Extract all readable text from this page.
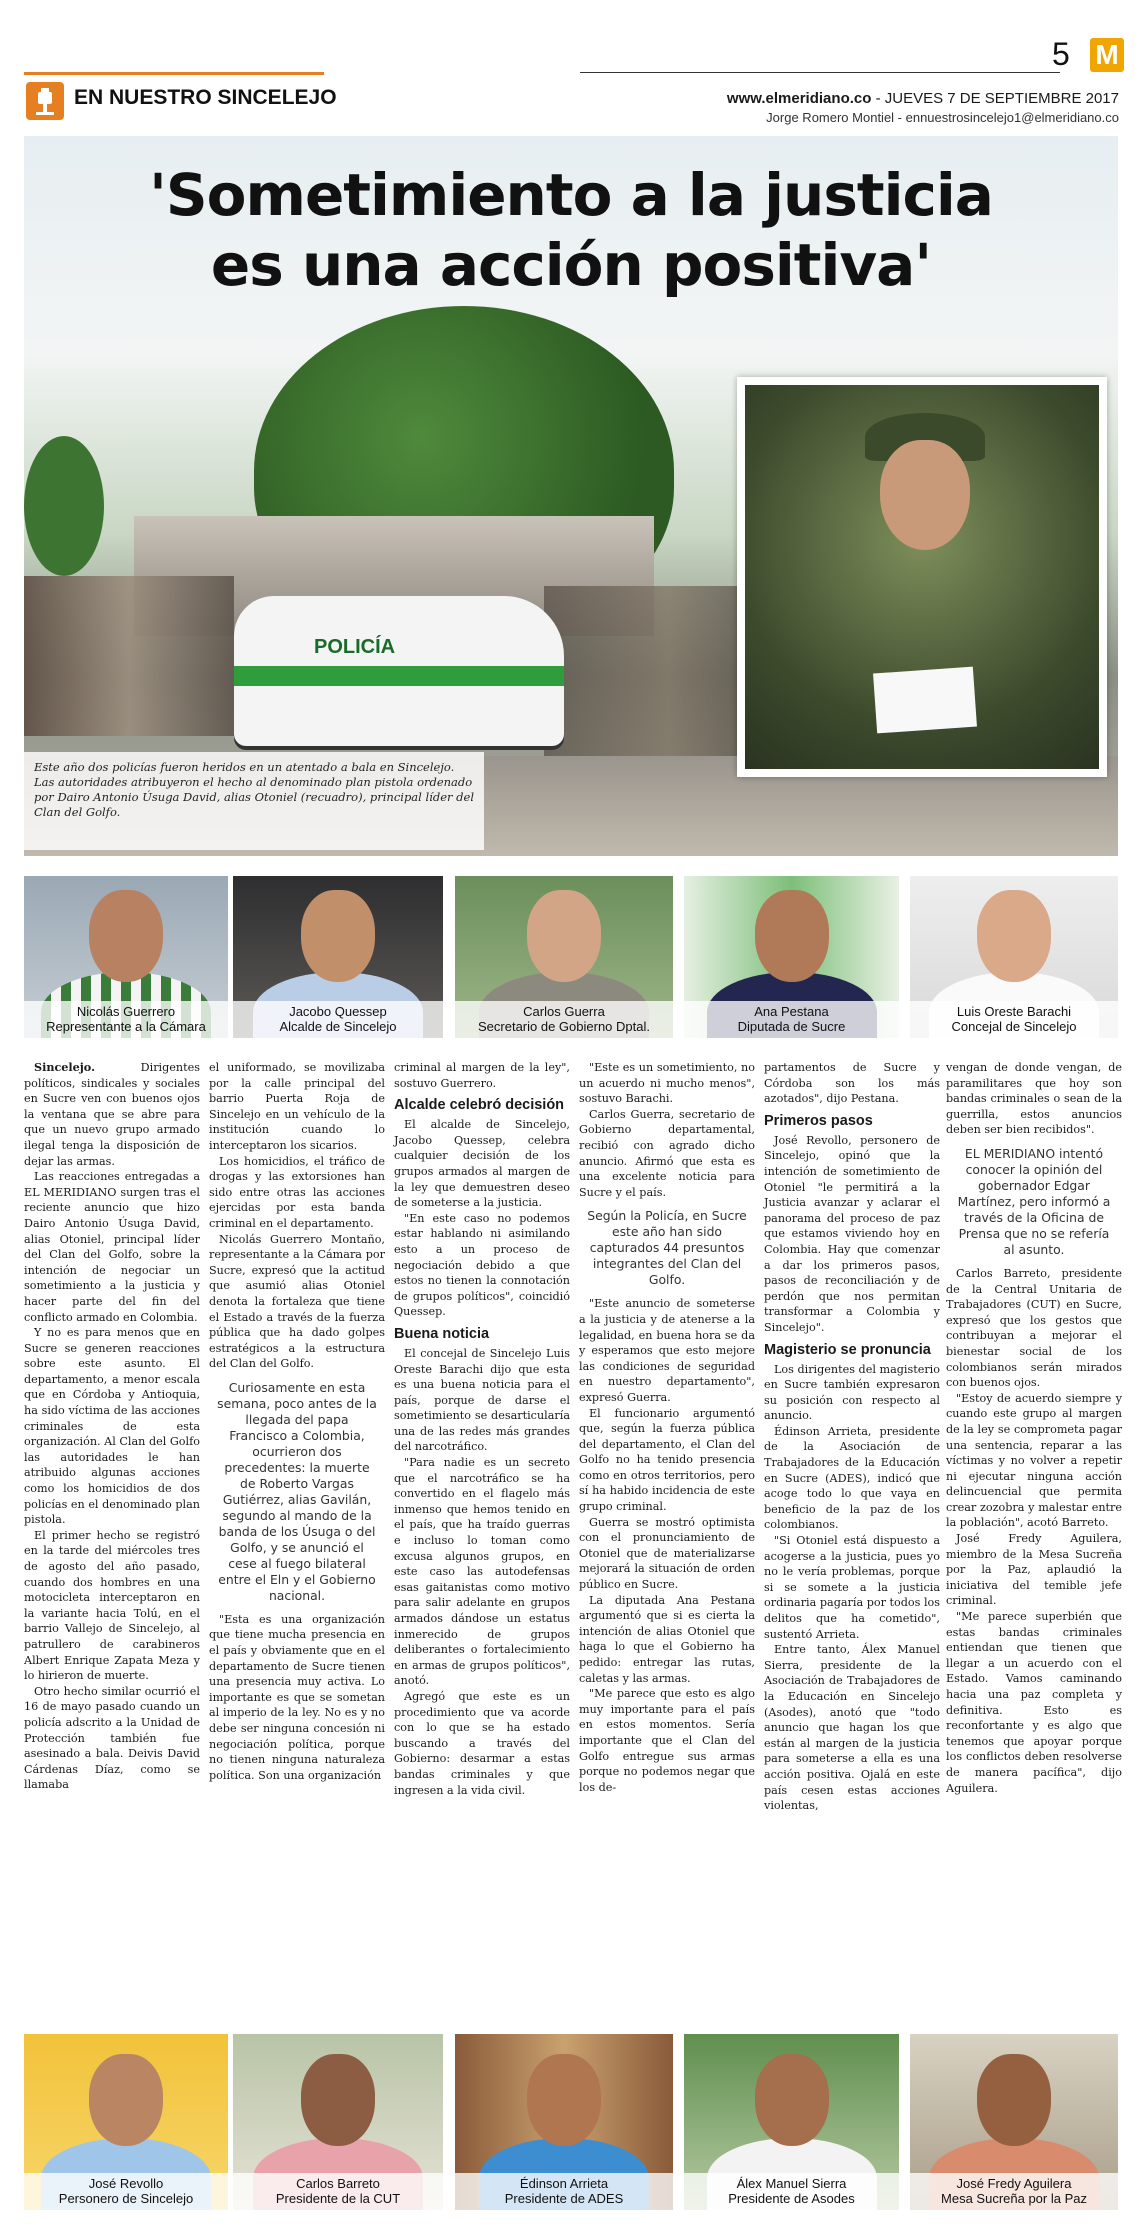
EN NUESTRO SINCELEJO
5 M
www.elmeridiano.co - JUEVES 7 DE SEPTIEMBRE 2017
Jorge Romero Montiel - ennuestrosincelejo1@elmeridiano.co
POLICÍA
'Sometimiento a la justicia
es una acción positiva'
Este año dos policías fueron heridos en un atentado a bala en Sincelejo. Las autoridades atribuyeron el hecho al denominado plan pistola ordenado por Dairo Antonio Úsuga David, alias Otoniel (recuadro), principal líder del Clan del Golfo.
Nicolás Guerrero
Representante a la Cámara
Jacobo Quessep
Alcalde de Sincelejo
Carlos Guerra
Secretario de Gobierno Dptal.
Ana Pestana
Diputada de Sucre
Luis Oreste Barachi
Concejal de Sincelejo

Sincelejo. Dirigentes políticos, sindicales y sociales en Sucre ven con buenos ojos la ventana que se abre para que un nuevo grupo armado ilegal tenga la disposición de dejar las armas.

Las reacciones entregadas a EL MERIDIANO surgen tras el reciente anuncio que hizo Dairo Antonio Úsuga David, alias Otoniel, principal líder del Clan del Golfo, sobre la intención de negociar un sometimiento a la justicia y hacer parte del fin del conflicto armado en Colombia.

Y no es para menos que en Sucre se generen reacciones sobre este asunto. El departamento, a menor escala que en Córdoba y Antioquia, ha sido víctima de las acciones criminales de esta organización. Al Clan del Golfo las autoridades le han atribuido algunas acciones como los homicidios de dos policías en el denominado plan pistola.

El primer hecho se registró en la tarde del miércoles tres de agosto del año pasado, cuando dos hombres en una motocicleta interceptaron en la variante hacia Tolú, en el barrio Vallejo de Sincelejo, al patrullero de carabineros Albert Enrique Zapata Meza y lo hirieron de muerte.

Otro hecho similar ocurrió el 16 de mayo pasado cuando un policía adscrito a la Unidad de Protección también fue asesinado a bala. Deivis David Cárdenas Díaz, como se llamaba

el uniformado, se movilizaba por la calle principal del barrio Puerta Roja de Sincelejo en un vehículo de la institución cuando lo interceptaron los sicarios.

Los homicidios, el tráfico de drogas y las extorsiones han sido entre otras las acciones ejercidas por esta banda criminal en el departamento.

Nicolás Guerrero Montaño, representante a la Cámara por Sucre, expresó que la actitud que asumió alias Otoniel denota la fortaleza que tiene el Estado a través de la fuerza pública que ha dado golpes estratégicos a la estructura del Clan del Golfo.

Curiosamente en esta semana, poco antes de la llegada del papa Francisco a Colombia, ocurrieron dos precedentes: la muerte de Roberto Vargas Gutiérrez, alias Gavilán, segundo al mando de la banda de los Úsuga o del Golfo, y se anunció el cese al fuego bilateral entre el Eln y el Gobierno nacional.

"Esta es una organización que tiene mucha presencia en el país y obviamente que en el departamento de Sucre tienen una presencia muy activa. Lo importante es que se sometan al imperio de la ley. No es y no debe ser ninguna concesión ni negociación política, porque no tienen ninguna naturaleza política. Son una organización

criminal al margen de la ley", sostuvo Guerrero.

Alcalde celebró decisión

El alcalde de Sincelejo, Jacobo Quessep, celebra cualquier decisión de los grupos armados al margen de la ley que demuestren deseo de someterse a la justicia.

"En este caso no podemos estar hablando ni asimilando esto a un proceso de negociación debido a que estos no tienen la connotación de grupos políticos", coincidió Quessep.

Buena noticia

El concejal de Sincelejo Luis Oreste Barachi dijo que esta es una buena noticia para el país, porque de darse el sometimiento se desarticularía una de las redes más grandes del narcotráfico.

"Para nadie es un secreto que el narcotráfico se ha convertido en el flagelo más inmenso que hemos tenido en el país, que ha traído guerras e incluso lo toman como excusa algunos grupos, en este caso las autodefensas esas gaitanistas como motivo para salir adelante en grupos armados dándose un estatus inmerecido de grupos deliberantes o fortalecimiento en armas de grupos políticos", anotó.

Agregó que este es un procedimiento que va acorde con lo que se ha estado buscando a través del Gobierno: desarmar a estas bandas criminales y que ingresen a la vida civil.

"Este es un sometimiento, no un acuerdo ni mucho menos", sostuvo Barachi.

Carlos Guerra, secretario de Gobierno departamental, recibió con agrado dicho anuncio. Afirmó que esta es una excelente noticia para Sucre y el país.

Según la Policía, en Sucre este año han sido capturados 44 presuntos integrantes del Clan del Golfo.

"Este anuncio de someterse a la justicia y de atenerse a la legalidad, en buena hora se da y esperamos que esto mejore las condiciones de seguridad en nuestro departamento", expresó Guerra.

El funcionario argumentó que, según la fuerza pública del departamento, el Clan del Golfo no ha tenido presencia como en otros territorios, pero sí ha habido incidencia de este grupo criminal.

Guerra se mostró optimista con el pronunciamiento de Otoniel que de materializarse mejorará la situación de orden público en Sucre.

La diputada Ana Pestana argumentó que si es cierta la intención de alias Otoniel que haga lo que el Gobierno ha pedido: entregar las rutas, caletas y las armas.

"Me parece que esto es algo muy importante para el país en estos momentos. Sería importante que el Clan del Golfo entregue sus armas porque no podemos negar que los de-

partamentos de Sucre y Córdoba son los más azotados", dijo Pestana.

Primeros pasos

José Revollo, personero de Sincelejo, opinó que la intención de sometimiento de Otoniel "le permitirá a la Justicia avanzar y aclarar el panorama del proceso de paz que estamos viviendo hoy en Colombia. Hay que comenzar a dar los primeros pasos, pasos de reconciliación y de perdón que nos permitan transformar a Colombia y Sincelejo".

Magisterio se pronuncia

Los dirigentes del magisterio en Sucre también expresaron su posición con respecto al anuncio.

Édinson Arrieta, presidente de la Asociación de Trabajadores de la Educación en Sucre (ADES), indicó que acoge todo lo que vaya en beneficio de la paz de los colombianos.

"Si Otoniel está dispuesto a acogerse a la justicia, pues yo no le vería problemas, porque si se somete a la justicia ordinaria pagaría por todos los delitos que ha cometido", sustentó Arrieta.

Entre tanto, Álex Manuel Sierra, presidente de la Asociación de Trabajadores de la Educación en Sincelejo (Asodes), anotó que "todo anuncio que hagan los que están al margen de la justicia para someterse a ella es una acción positiva. Ojalá en este país cesen estas acciones violentas,

vengan de donde vengan, de paramilitares que hoy son bandas criminales o sean de la guerrilla, estos anuncios deben ser bien recibidos".

EL MERIDIANO intentó conocer la opinión del gobernador Edgar Martínez, pero informó a través de la Oficina de Prensa que no se refería al asunto.

Carlos Barreto, presidente de la Central Unitaria de Trabajadores (CUT) en Sucre, expresó que los gestos que contribuyan a mejorar el bienestar social de los colombianos serán mirados con buenos ojos.

"Estoy de acuerdo siempre y cuando este grupo al margen de la ley se comprometa pagar una sentencia, reparar a las víctimas y no volver a repetir ni ejecutar ninguna acción delincuencial que permita crear zozobra y malestar entre la población", acotó Barreto.

José Fredy Aguilera, miembro de la Mesa Sucreña por la Paz, aplaudió la iniciativa del temible jefe criminal.

"Me parece superbién que estas bandas criminales entiendan que tienen que llegar a un acuerdo con el Estado. Vamos caminando hacia una paz completa y definitiva. Esto es reconfortante y es algo que tenemos que apoyar porque los conflictos deben resolverse de manera pacífica", dijo Aguilera.

José Revollo
Personero de Sincelejo
Carlos Barreto
Presidente de la CUT
Édinson Arrieta
Presidente de ADES
Álex Manuel Sierra
Presidente de Asodes
José Fredy Aguilera
Mesa Sucreña por la Paz
